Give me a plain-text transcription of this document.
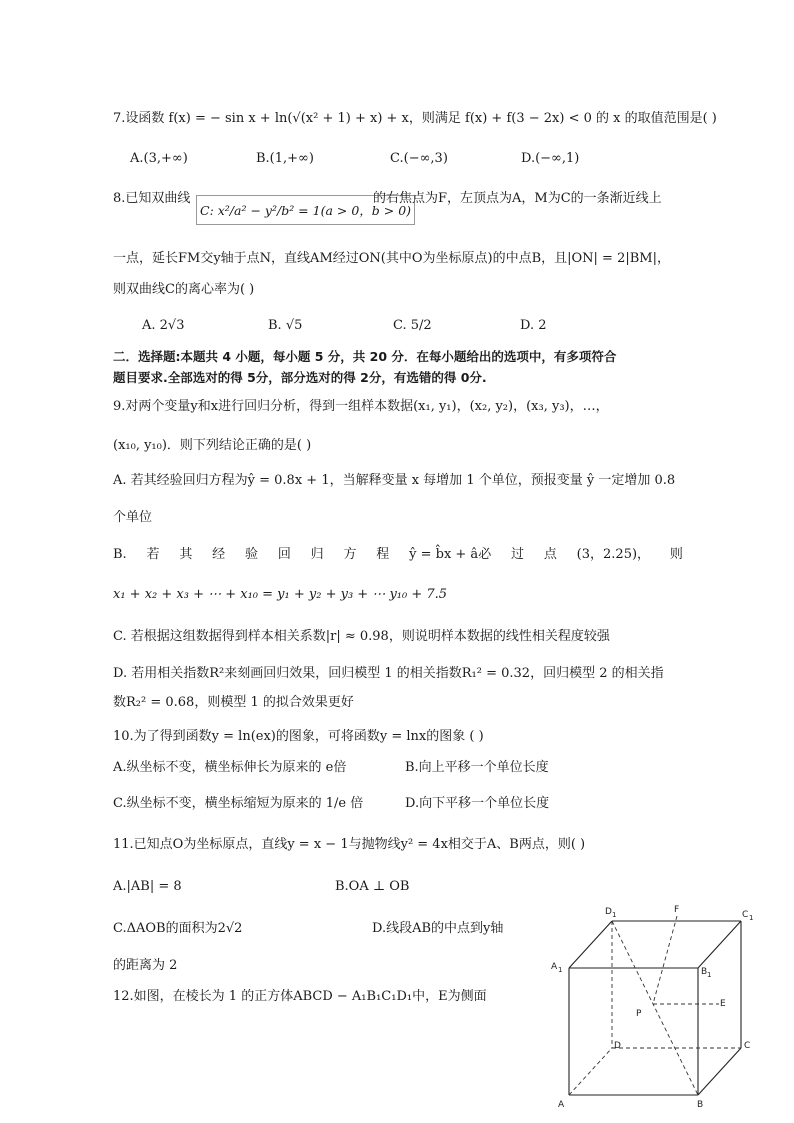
7.设函数 f(x) = − sin x + ln(√(x² + 1) + x) + x，则满足 f(x) + f(3 − 2x) < 0 的 x 的取值范围是( )
A.(3,+∞)	B.(1,+∞)	C.(−∞,3)	D.(−∞,1)
8.已知双曲线
C: x²/a² − y²/b² = 1(a > 0，b > 0)
的右焦点为F，左顶点为A，M为C的一条渐近线上
一点，延长FM交y轴于点N，直线AM经过ON(其中O为坐标原点)的中点B，且|ON| = 2|BM|，
则双曲线C的离心率为( )
A. 2√3	B. √5	C. 5/2	D. 2
二．选择题:本题共 4 小题，每小题 5 分，共 20 分．在每小题给出的选项中，有多项符合
题目要求.全部选对的得 5分，部分选对的得 2分，有选错的得 0分.
9.对两个变量y和x进行回归分析，得到一组样本数据(x₁, y₁)，(x₂, y₂)，(x₃, y₃)，…，
(x₁₀, y₁₀)．则下列结论正确的是( )
A. 若其经验回归方程为ŷ = 0.8x + 1，当解释变量 x 每增加 1 个单位，预报变量 ŷ 一定增加 0.8
个单位
B. 若 其 经 验 回 归 方 程 ŷ = b̂x + â必 过 点 (3，2.25)， 则
x₁ + x₂ + x₃ + ⋯ + x₁₀ = y₁ + y₂ + y₃ + ⋯ y₁₀ + 7.5
C. 若根据这组数据得到样本相关系数|r| ≈ 0.98，则说明样本数据的线性相关程度较强
D. 若用相关指数R²来刻画回归效果，回归模型 1 的相关指数R₁² = 0.32，回归模型 2 的相关指
数R₂² = 0.68，则模型 1 的拟合效果更好
10.为了得到函数y = ln(ex)的图象，可将函数y = lnx的图象 ( )
A.纵坐标不变，横坐标伸长为原来的 e倍	B.向上平移一个单位长度
C.纵坐标不变，横坐标缩短为原来的 1/e 倍	D.向下平移一个单位长度
11.已知点O为坐标原点，直线y = x − 1与抛物线y² = 4x相交于A、B两点，则( )
A.|AB| = 8	B.OA ⊥ OB
C.ΔAOB的面积为2√2	D.线段AB的中点到y轴
的距离为 2
12.如图，在棱长为 1 的正方体ABCD − A₁B₁C₁D₁中，E为侧面
D 1	F	C 1
A 1	B 1
E
P
D	C
A	B
